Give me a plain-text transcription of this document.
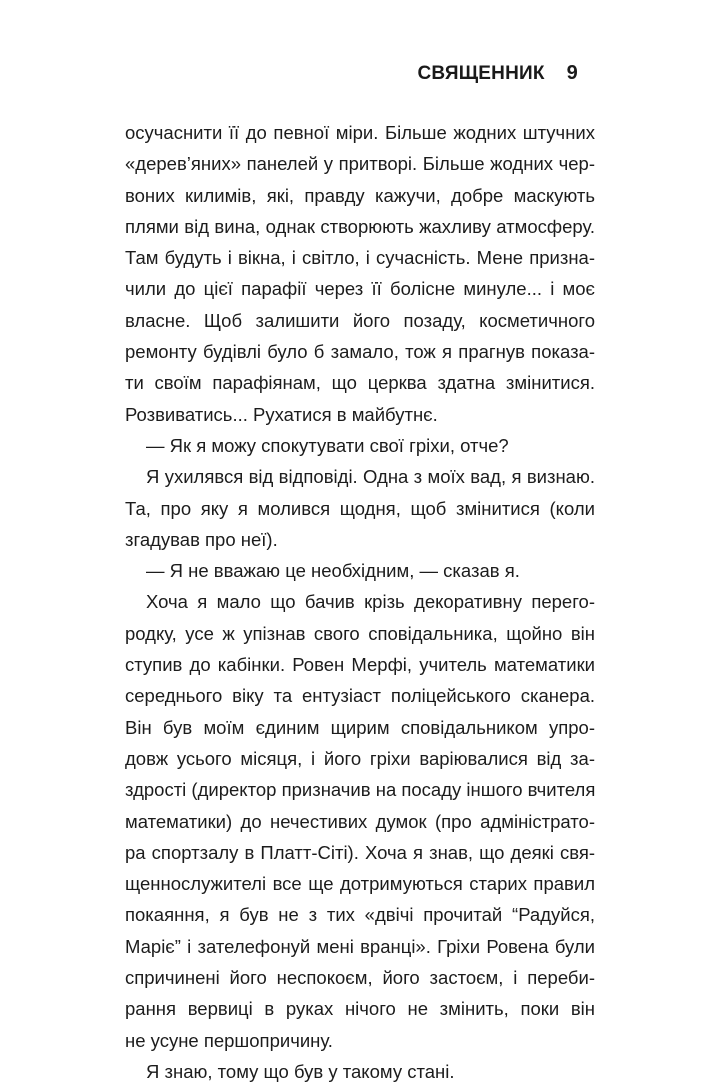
СВЯЩЕННИК 9
осучаснити її до певної міри. Більше жодних штучних
«дерев’яних» панелей у притворі. Більше жодних чер-
воних килимів, які, правду кажучи, добре маскують
плями від вина, однак створюють жахливу атмосферу.
Там будуть і вікна, і світло, і сучасність. Мене призна-
чили до цієї парафії через її болісне минуле... і моє
власне. Щоб залишити його позаду, косметичного
ремонту будівлі було б замало, тож я прагнув показа-
ти своїм парафіянам, що церква здатна змінитися.
Розвиватись... Рухатися в майбутнє.
— Як я можу спокутувати свої гріхи, отче?
Я ухилявся від відповіді. Одна з моїх вад, я визнаю.
Та, про яку я молився щодня, щоб змінитися (коли
згадував про неї).
— Я не вважаю це необхідним, — сказав я.
Хоча я мало що бачив крізь декоративну перего-
родку, усе ж упізнав свого сповідальника, щойно він
ступив до кабінки. Ровен Мерфі, учитель математики
середнього віку та ентузіаст поліцейського сканера.
Він був моїм єдиним щирим сповідальником упро-
довж усього місяця, і його гріхи варіювалися від за-
здрості (директор призначив на посаду іншого вчителя
математики) до нечестивих думок (про адміністрато-
ра спортзалу в Платт-Сіті). Хоча я знав, що деякі свя-
щеннослужителі все ще дотримуються старих правил
покаяння, я був не з тих «двічі прочитай “Радуйся,
Маріє” і зателефонуй мені вранці». Гріхи Ровена були
спричинені його неспокоєм, його застоєм, і переби-
рання вервиці в руках нічого не змінить, поки він
не усуне першопричину.
Я знаю, тому що був у такому стані.
